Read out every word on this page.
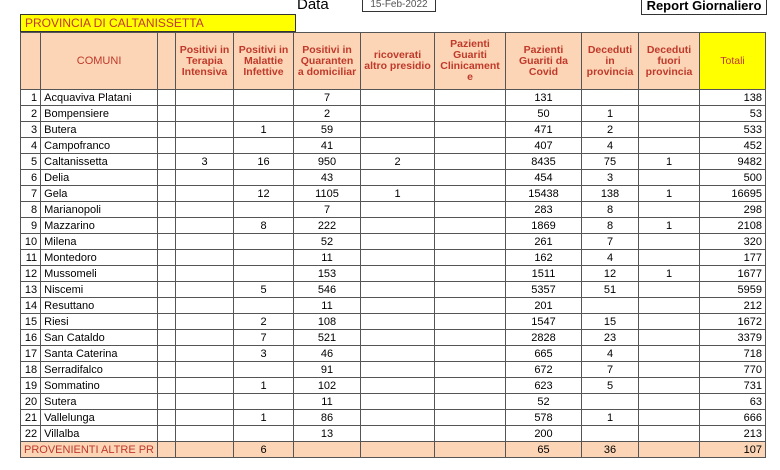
PROVINCIA DI CALTANISSETTA
Data	15-Feb-2022	Report Giornaliero
	COMUNI		Positivi in Terapia Intensiva	Positivi in Malattie Infettive	Positivi in Quaranten a domiciliar	ricoverati altro presidio	Pazienti Guariti Clinicament e	Pazienti Guariti da Covid	Deceduti in provincia	Deceduti fuori provincia	Totali
1	Acquaviva Platani				7			131			138
2	Bompensiere				2			50	1		53
3	Butera			1	59			471	2		533
4	Campofranco				41			407	4		452
5	Caltanissetta		3	16	950	2		8435	75	1	9482
6	Delia				43			454	3		500
7	Gela			12	1105	1		15438	138	1	16695
8	Marianopoli				7			283	8		298
9	Mazzarino			8	222			1869	8	1	2108
10	Milena				52			261	7		320
11	Montedoro				11			162	4		177
12	Mussomeli				153			1511	12	1	1677
13	Niscemi			5	546			5357	51		5959
14	Resuttano				11			201			212
15	Riesi			2	108			1547	15		1672
16	San Cataldo			7	521			2828	23		3379
17	Santa Caterina			3	46			665	4		718
18	Serradifalco				91			672	7		770
19	Sommatino			1	102			623	5		731
20	Sutera				11			52			63
21	Vallelunga			1	86			578	1		666
22	Villalba				13			200			213
PROVENIENTI ALTRE PR				6				65	36		107
